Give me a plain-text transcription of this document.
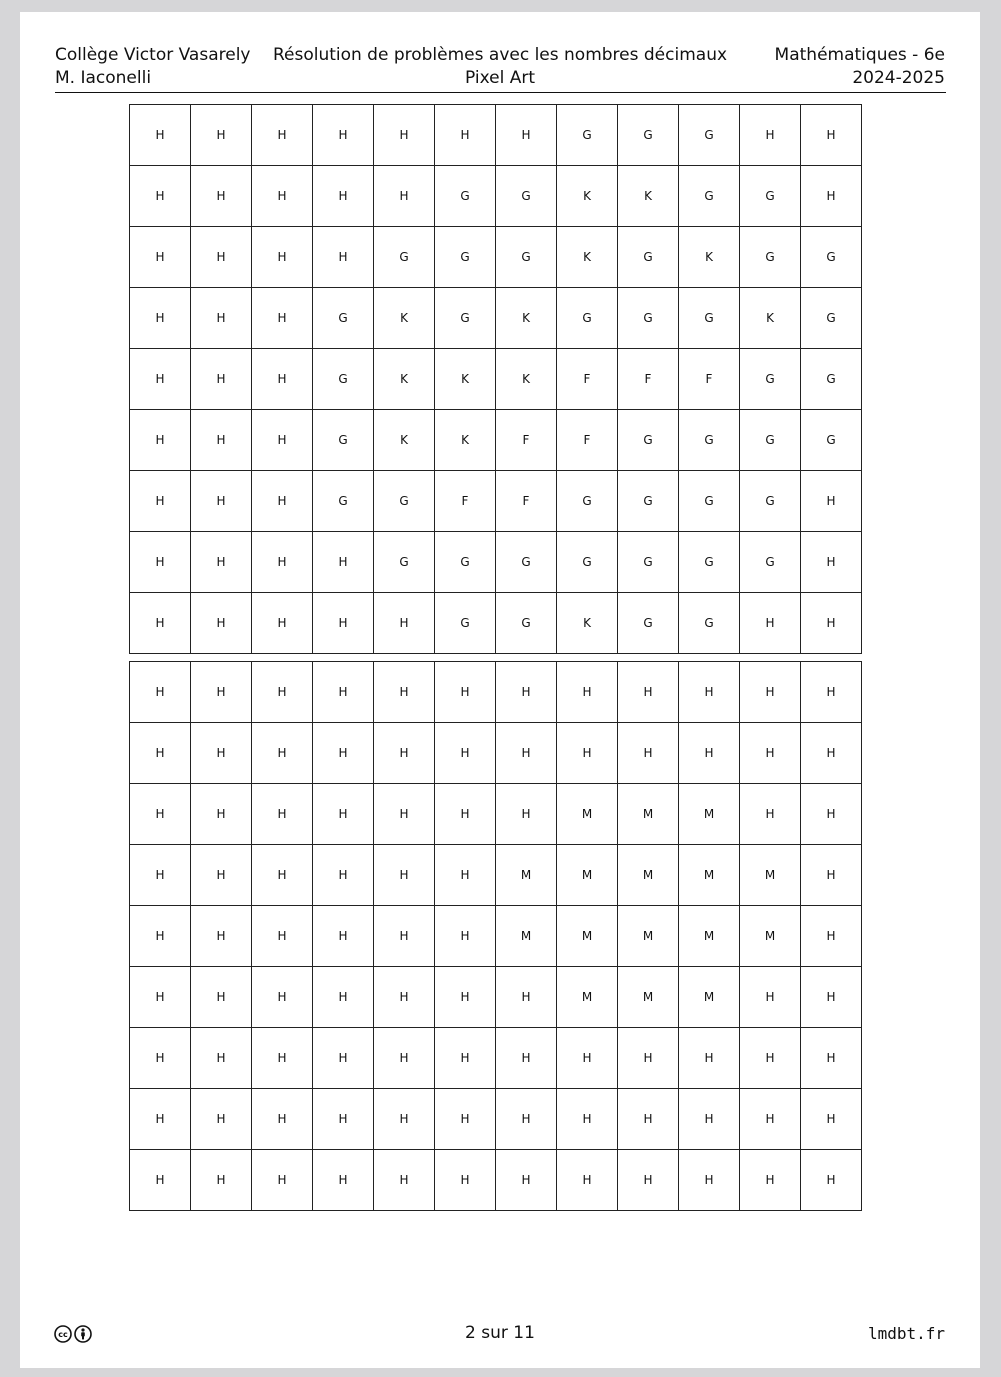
Collège Victor Vasarely
M. Iaconelli
Résolution de problèmes avec les nombres décimaux
Pixel Art
Mathématiques - 6e
2024-2025
H	H	H	H	H	H	H	G	G	G	H	H
H	H	H	H	H	G	G	K	K	G	G	H
H	H	H	H	G	G	G	K	G	K	G	G
H	H	H	G	K	G	K	G	G	G	K	G
H	H	H	G	K	K	K	F	F	F	G	G
H	H	H	G	K	K	F	F	G	G	G	G
H	H	H	G	G	F	F	G	G	G	G	H
H	H	H	H	G	G	G	G	G	G	G	H
H	H	H	H	H	G	G	K	G	G	H	H
H	H	H	H	H	H	H	H	H	H	H	H
H	H	H	H	H	H	H	H	H	H	H	H
H	H	H	H	H	H	H	M	M	M	H	H
H	H	H	H	H	H	M	M	M	M	M	H
H	H	H	H	H	H	M	M	M	M	M	H
H	H	H	H	H	H	H	M	M	M	H	H
H	H	H	H	H	H	H	H	H	H	H	H
H	H	H	H	H	H	H	H	H	H	H	H
H	H	H	H	H	H	H	H	H	H	H	H
cc	2 sur 11	lmdbt.fr
